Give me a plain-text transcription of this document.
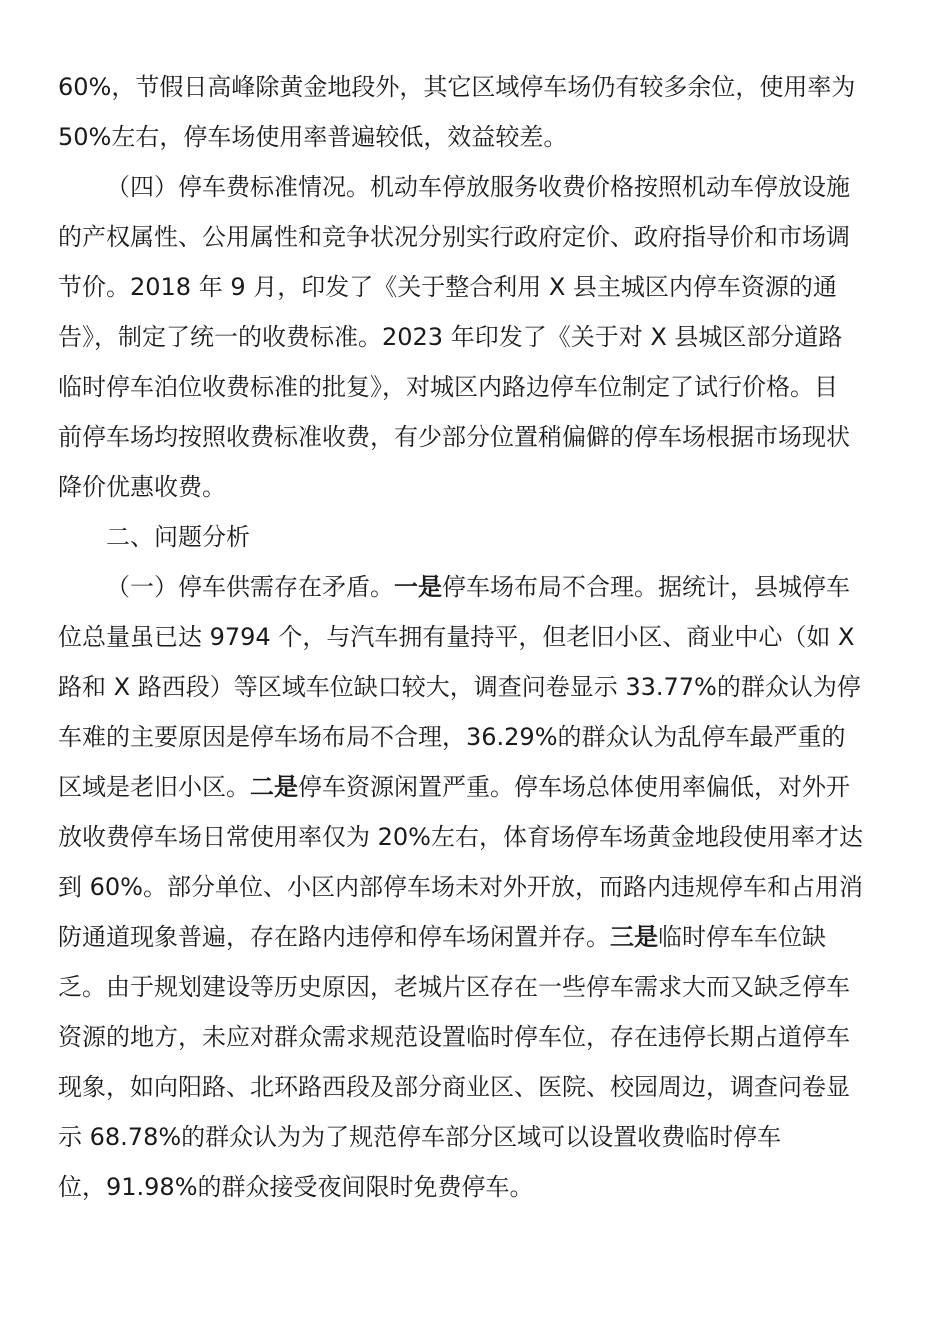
60%，节假日高峰除黄金地段外，其它区域停车场仍有较多余位，使用率为
50%左右，停车场使用率普遍较低，效益较差。
（四）停车费标准情况。机动车停放服务收费价格按照机动车停放设施
的产权属性、公用属性和竞争状况分别实行政府定价、政府指导价和市场调
节价。2018 年 9 月，印发了《关于整合利用 X 县主城区内停车资源的通
告》，制定了统一的收费标准。2023 年印发了《关于对 X 县城区部分道路
临时停车泊位收费标准的批复》，对城区内路边停车位制定了试行价格。目
前停车场均按照收费标准收费，有少部分位置稍偏僻的停车场根据市场现状
降价优惠收费。
二、问题分析
（一）停车供需存在矛盾。一是停车场布局不合理。据统计，县城停车
位总量虽已达 9794 个，与汽车拥有量持平，但老旧小区、商业中心（如 X
路和 X 路西段）等区域车位缺口较大，调查问卷显示 33.77%的群众认为停
车难的主要原因是停车场布局不合理，36.29%的群众认为乱停车最严重的
区域是老旧小区。二是停车资源闲置严重。停车场总体使用率偏低，对外开
放收费停车场日常使用率仅为 20%左右，体育场停车场黄金地段使用率才达
到 60%。部分单位、小区内部停车场未对外开放，而路内违规停车和占用消
防通道现象普遍，存在路内违停和停车场闲置并存。三是临时停车车位缺
乏。由于规划建设等历史原因，老城片区存在一些停车需求大而又缺乏停车
资源的地方，未应对群众需求规范设置临时停车位，存在违停长期占道停车
现象，如向阳路、北环路西段及部分商业区、医院、校园周边，调查问卷显
示 68.78%的群众认为为了规范停车部分区域可以设置收费临时停车
位，91.98%的群众接受夜间限时免费停车。
